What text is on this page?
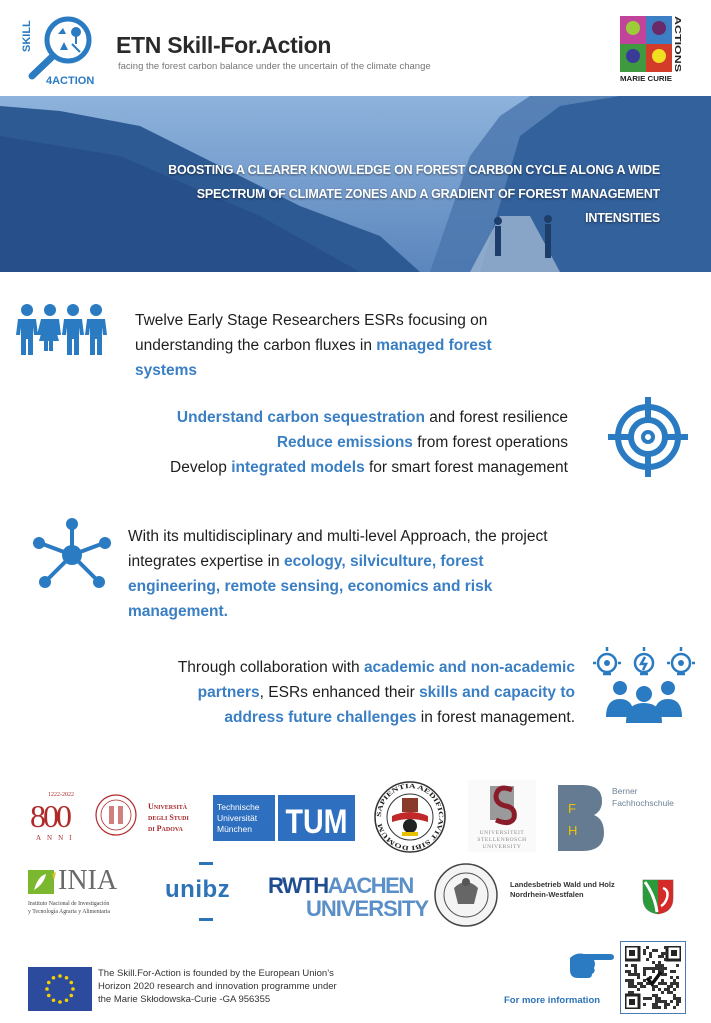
SKILL
4ACTION
ETN Skill-For.Action
facing the forest carbon balance under the uncertain of the climate change
ACTIONS
MARIE CURIE
BOOSTING A CLEARER KNOWLEDGE ON FOREST CARBON CYCLE ALONG A WIDE
SPECTRUM OF CLIMATE ZONES AND A GRADIENT OF FOREST MANAGEMENT
INTENSITIES
Twelve Early Stage Researchers ESRs focusing on understanding the carbon fluxes in managed forest systems
Understand carbon sequestration and forest resilience
Reduce emissions from forest operations
Develop integrated models for smart forest management
With its multidisciplinary and multi-level Approach, the project integrates expertise in ecology, silviculture, forest engineering, remote sensing, economics and risk management.
Through collaboration with academic and non-academic partners, ESRs enhanced their skills and capacity to address future challenges in forest management.
1222-2022
800
ANNI
Università
degli Studi
di Padova
Technische
Universität
München TUM	SAPIENTIA AEDIFICAVIT SIBI DOMUM	UNIVERSITEIT
STELLENBOSCH
UNIVERSITY
F
H
Berner
Fachhochschule
INIA
Instituto Nacional de Investigación
y Tecnología Agraria y Alimentaria
unibz RWTHAACHEN
UNIVERSITY
Landesbetrieb Wald und Holz
Nordrhein-Westfalen
The Skill.For-Action is founded by the European Union’s
Horizon 2020 research and innovation programme under
the Marie Skłodowska-Curie -GA 956355	For more information
